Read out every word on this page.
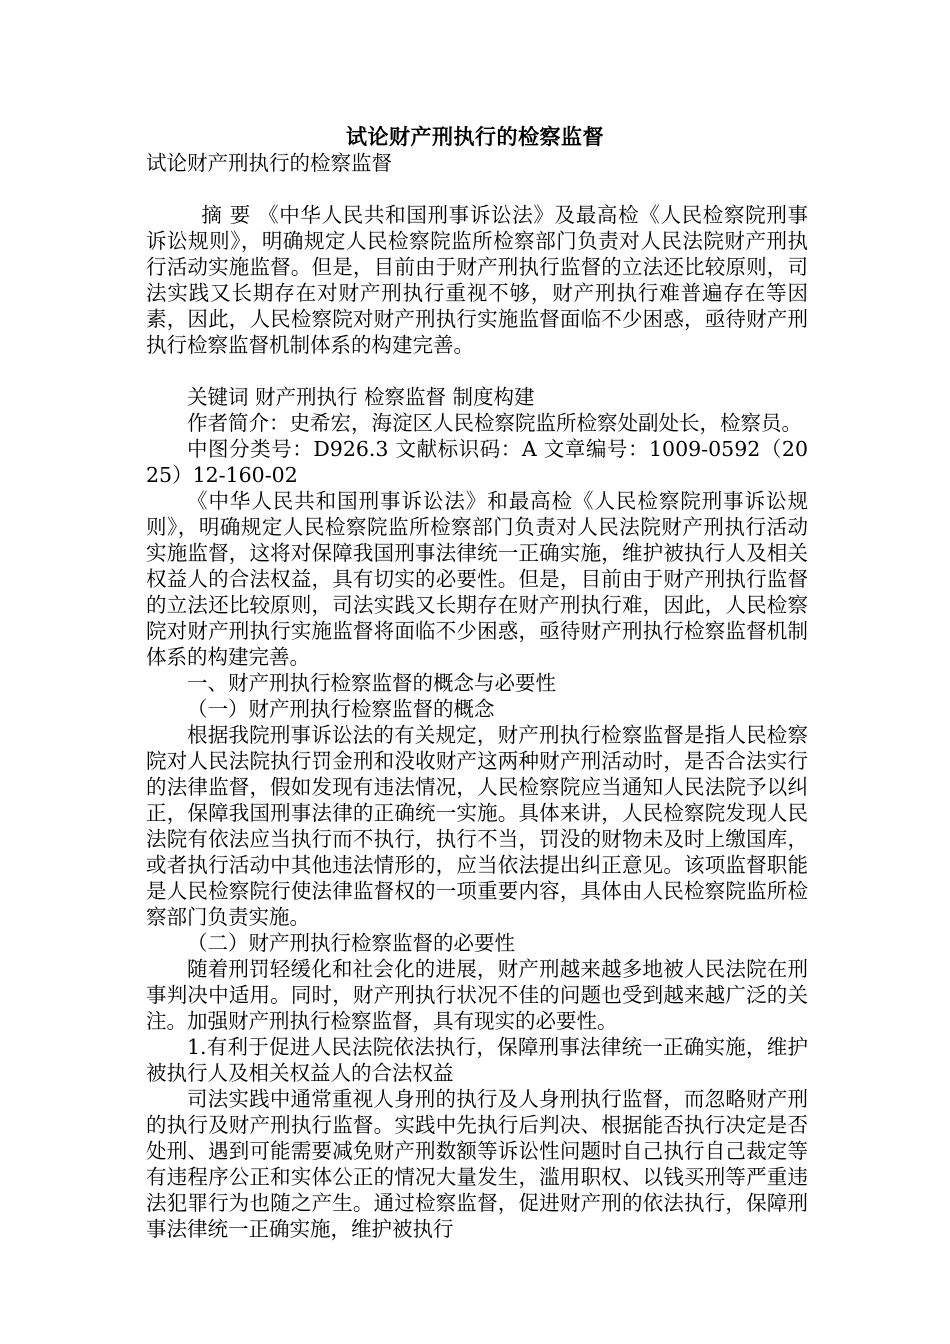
试论财产刑执行的检察监督

试论财产刑执行的检察监督

摘 要 《中华人民共和国刑事诉讼法》及最高检《人民检察院刑事诉讼规则》，明确规定人民检察院监所检察部门负责对人民法院财产刑执行活动实施监督。但是，目前由于财产刑执行监督的立法还比较原则，司法实践又长期存在对财产刑执行重视不够，财产刑执行难普遍存在等因素，因此，人民检察院对财产刑执行实施监督面临不少困惑，亟待财产刑执行检察监督机制体系的构建完善。

关键词 财产刑执行 检察监督 制度构建

作者简介：史希宏，海淀区人民检察院监所检察处副处长，检察员。

中图分类号：D926.3 文献标识码：A 文章编号：1009-0592（2025）12-160-02

《中华人民共和国刑事诉讼法》和最高检《人民检察院刑事诉讼规则》，明确规定人民检察院监所检察部门负责对人民法院财产刑执行活动实施监督，这将对保障我国刑事法律统一正确实施，维护被执行人及相关权益人的合法权益，具有切实的必要性。但是，目前由于财产刑执行监督的立法还比较原则，司法实践又长期存在财产刑执行难，因此，人民检察院对财产刑执行实施监督将面临不少困惑，亟待财产刑执行检察监督机制体系的构建完善。

一、财产刑执行检察监督的概念与必要性

（一）财产刑执行检察监督的概念

根据我院刑事诉讼法的有关规定，财产刑执行检察监督是指人民检察院对人民法院执行罚金刑和没收财产这两种财产刑活动时，是否合法实行的法律监督，假如发现有违法情况，人民检察院应当通知人民法院予以纠正，保障我国刑事法律的正确统一实施。具体来讲，人民检察院发现人民法院有依法应当执行而不执行，执行不当，罚没的财物未及时上缴国库，或者执行活动中其他违法情形的，应当依法提出纠正意见。该项监督职能是人民检察院行使法律监督权的一项重要内容，具体由人民检察院监所检察部门负责实施。

（二）财产刑执行检察监督的必要性

随着刑罚轻缓化和社会化的进展，财产刑越来越多地被人民法院在刑事判决中适用。同时，财产刑执行状况不佳的问题也受到越来越广泛的关注。加强财产刑执行检察监督，具有现实的必要性。

1.有利于促进人民法院依法执行，保障刑事法律统一正确实施，维护被执行人及相关权益人的合法权益

司法实践中通常重视人身刑的执行及人身刑执行监督，而忽略财产刑的执行及财产刑执行监督。实践中先执行后判决、根据能否执行决定是否处刑、遇到可能需要减免财产刑数额等诉讼性问题时自己执行自己裁定等有违程序公正和实体公正的情况大量发生，滥用职权、以钱买刑等严重违法犯罪行为也随之产生。通过检察监督，促进财产刑的依法执行，保障刑事法律统一正确实施，维护被执行
